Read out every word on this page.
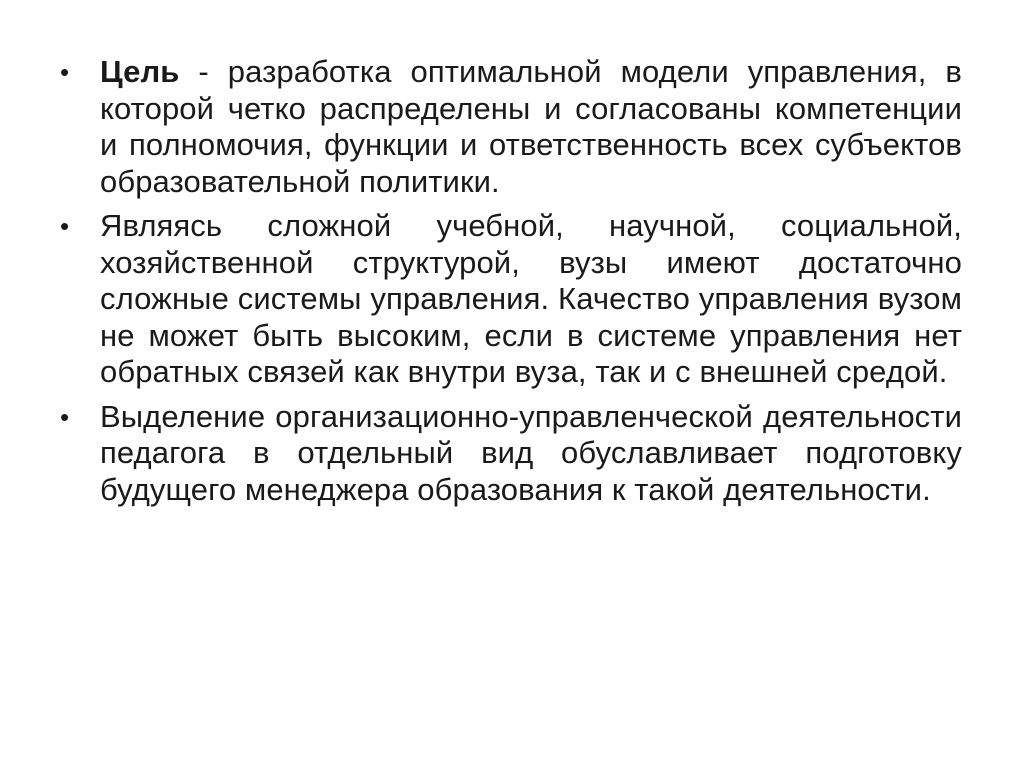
• Цель - разработка оптимальной модели управления, в которой четко распределены и согласованы компетенции и полномочия, функции и ответственность всех субъектов образовательной политики.
• Являясь сложной учебной, научной, социальной, хозяйственной структурой, вузы имеют достаточно сложные системы управления. Качество управления вузом не может быть высоким, если в системе управления нет обратных связей как внутри вуза, так и с внешней средой.
• Выделение организационно-управленческой деятельности педагога в отдельный вид обуславливает подготовку будущего менеджера образования к такой деятельности.
